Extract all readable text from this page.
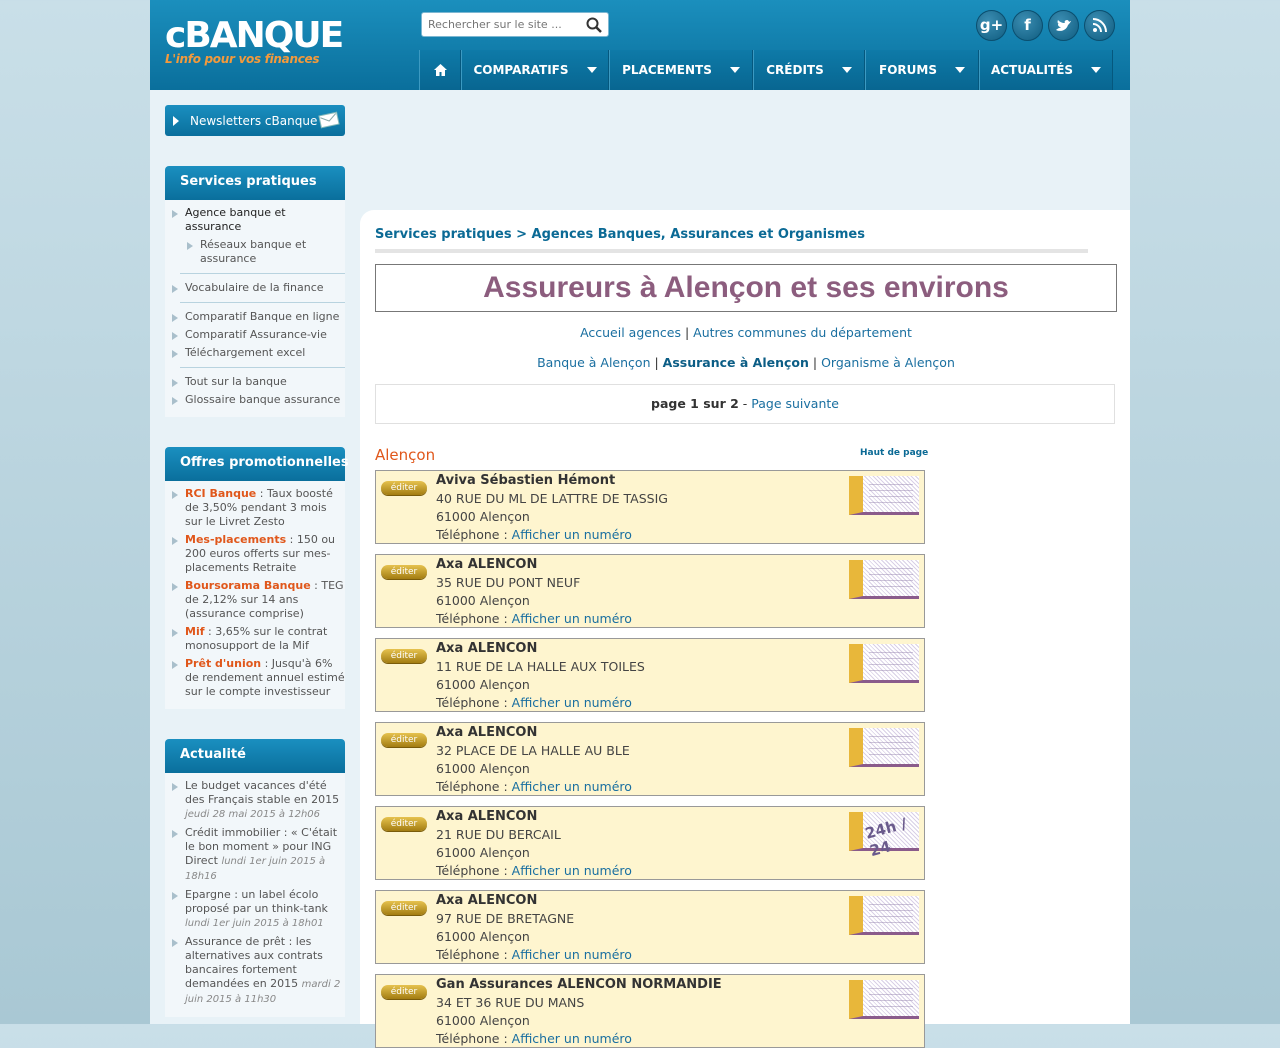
cBANQUE
L'info pour vos finances
Rechercher sur le site ...
g+	f
COMPARATIFS	PLACEMENTS	CRÉDITS	FORUMS	ACTUALITÉS
Newsletters cBanque
Services pratiques
Agence banque et assurance
Réseaux banque et assurance
Vocabulaire de la finance
Comparatif Banque en ligne
Comparatif Assurance-vie
Téléchargement excel
Tout sur la banque
Glossaire banque assurance
Offres promotionnelles
RCI Banque : Taux boosté de 3,50% pendant 3 mois sur le Livret Zesto
Mes-placements : 150 ou 200 euros offerts sur mes-placements Retraite
Boursorama Banque : TEG de 2,12% sur 14 ans (assurance comprise)
Mif : 3,65% sur le contrat monosupport de la Mif
Prêt d'union : Jusqu'à 6% de rendement annuel estimé sur le compte investisseur
Actualité
Le budget vacances d'été des Français stable en 2015 jeudi 28 mai 2015 à 12h06
Crédit immobilier : « C'était le bon moment » pour ING Direct lundi 1er juin 2015 à 18h16
Epargne : un label écolo proposé par un think-tank lundi 1er juin 2015 à 18h01
Assurance de prêt : les alternatives aux contrats bancaires fortement demandées en 2015 mardi 2 juin 2015 à 11h30
Services pratiques > Agences Banques, Assurances et Organismes
Assureurs à Alençon et ses environs
Accueil agences | Autres communes du département
Banque à Alençon | Assurance à Alençon | Organisme à Alençon
page 1 sur 2 - Page suivante
Alençon	Haut de page
éditer	Aviva Sébastien Hémont
40 RUE DU ML DE LATTRE DE TASSIG
61000 Alençon
Téléphone : Afficher un numéro
éditer	Axa ALENCON
35 RUE DU PONT NEUF
61000 Alençon
Téléphone : Afficher un numéro
éditer	Axa ALENCON
11 RUE DE LA HALLE AUX TOILES
61000 Alençon
Téléphone : Afficher un numéro
éditer	Axa ALENCON
32 PLACE DE LA HALLE AU BLE
61000 Alençon
Téléphone : Afficher un numéro
éditer	Axa ALENCON
21 RUE DU BERCAIL
61000 Alençon
Téléphone : Afficher un numéro
24h / 24
éditer	Axa ALENCON
97 RUE DE BRETAGNE
61000 Alençon
Téléphone : Afficher un numéro
éditer	Gan Assurances ALENCON NORMANDIE
34 ET 36 RUE DU MANS
61000 Alençon
Téléphone : Afficher un numéro
